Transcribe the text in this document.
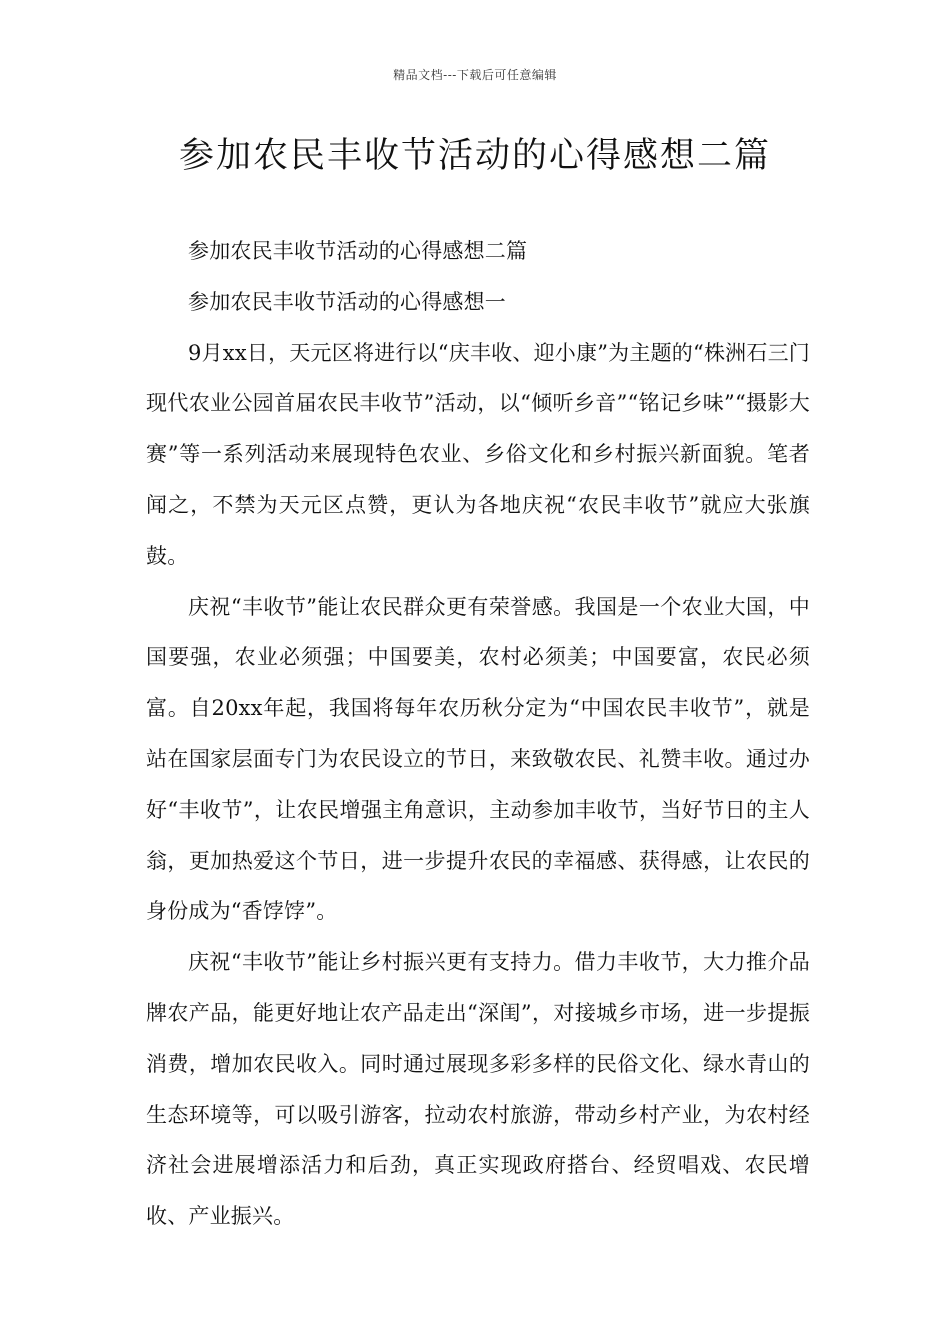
精品文档---下载后可任意编辑
参加农民丰收节活动的心得感想二篇

参加农民丰收节活动的心得感想二篇

参加农民丰收节活动的心得感想一

9月xx日，天元区将进行以“庆丰收、迎小康”为主题的“株洲石三门现代农业公园首届农民丰收节”活动，以“倾听乡音”“铭记乡味”“摄影大赛”等一系列活动来展现特色农业、乡俗文化和乡村振兴新面貌。笔者闻之，不禁为天元区点赞，更认为各地庆祝“农民丰收节”就应大张旗鼓。

庆祝“丰收节”能让农民群众更有荣誉感。我国是一个农业大国，中国要强，农业必须强；中国要美，农村必须美；中国要富，农民必须富。自20xx年起，我国将每年农历秋分定为“中国农民丰收节”，就是站在国家层面专门为农民设立的节日，来致敬农民、礼赞丰收。通过办好“丰收节”，让农民增强主角意识，主动参加丰收节，当好节日的主人翁，更加热爱这个节日，进一步提升农民的幸福感、获得感，让农民的身份成为“香饽饽”。

庆祝“丰收节”能让乡村振兴更有支持力。借力丰收节，大力推介品牌农产品，能更好地让农产品走出“深闺”，对接城乡市场，进一步提振消费，增加农民收入。同时通过展现多彩多样的民俗文化、绿水青山的生态环境等，可以吸引游客，拉动农村旅游，带动乡村产业，为农村经济社会进展增添活力和后劲，真正实现政府搭台、经贸唱戏、农民增收、产业振兴。
